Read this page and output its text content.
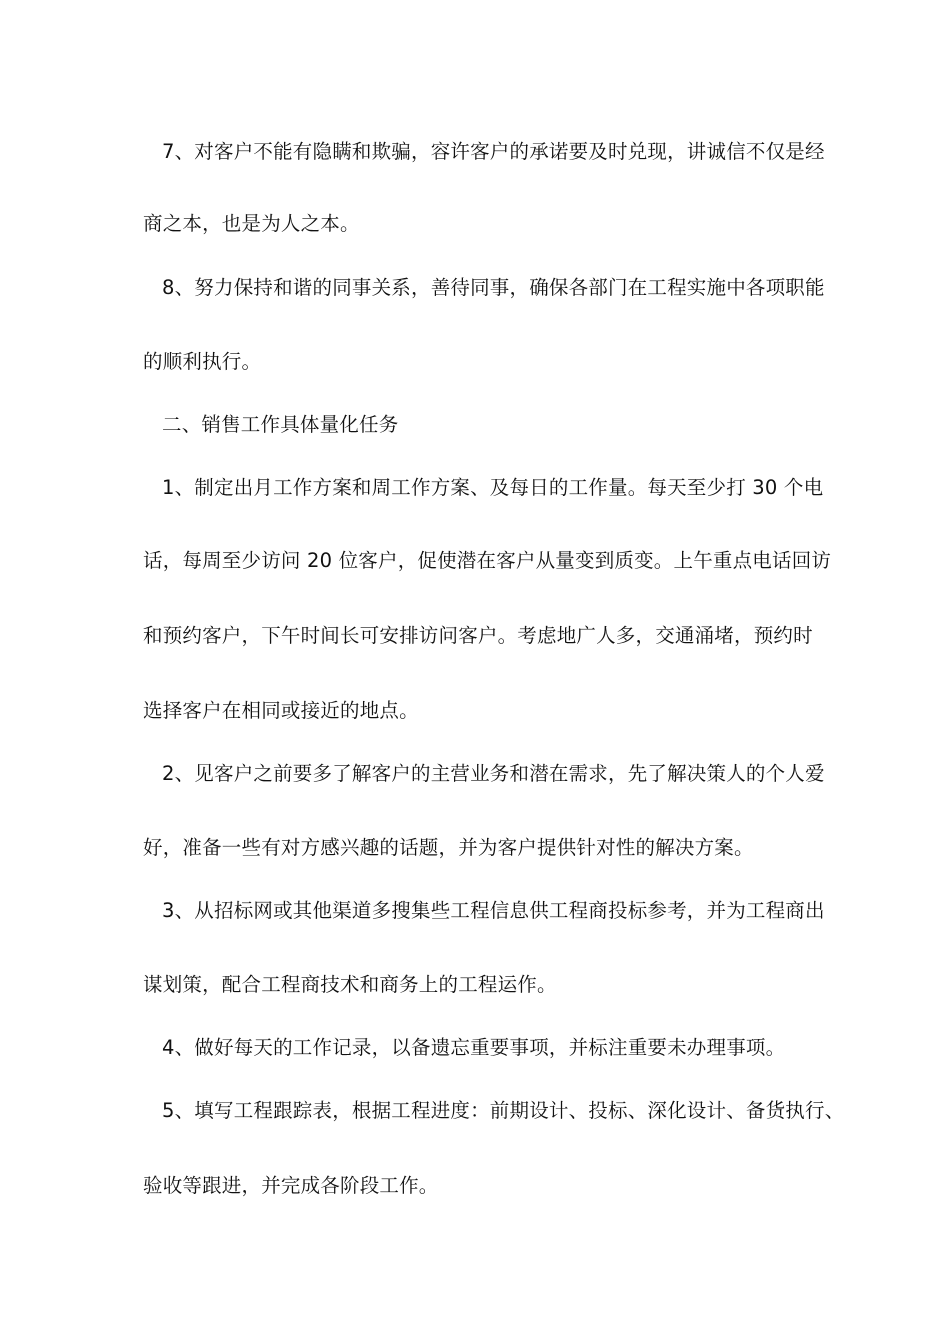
7、对客户不能有隐瞒和欺骗，容许客户的承诺要及时兑现，讲诚信不仅是经
商之本，也是为人之本。
8、努力保持和谐的同事关系，善待同事，确保各部门在工程实施中各项职能
的顺利执行。
二、销售工作具体量化任务
1、制定出月工作方案和周工作方案、及每日的工作量。每天至少打 30 个电
话，每周至少访问 20 位客户，促使潜在客户从量变到质变。上午重点电话回访
和预约客户，下午时间长可安排访问客户。考虑地广人多，交通涌堵，预约时
选择客户在相同或接近的地点。
2、见客户之前要多了解客户的主营业务和潜在需求，先了解决策人的个人爱
好，准备一些有对方感兴趣的话题，并为客户提供针对性的解决方案。
3、从招标网或其他渠道多搜集些工程信息供工程商投标参考，并为工程商出
谋划策，配合工程商技术和商务上的工程运作。
4、做好每天的工作记录，以备遗忘重要事项，并标注重要未办理事项。
5、填写工程跟踪表，根据工程进度：前期设计、投标、深化设计、备货执行、
验收等跟进，并完成各阶段工作。
